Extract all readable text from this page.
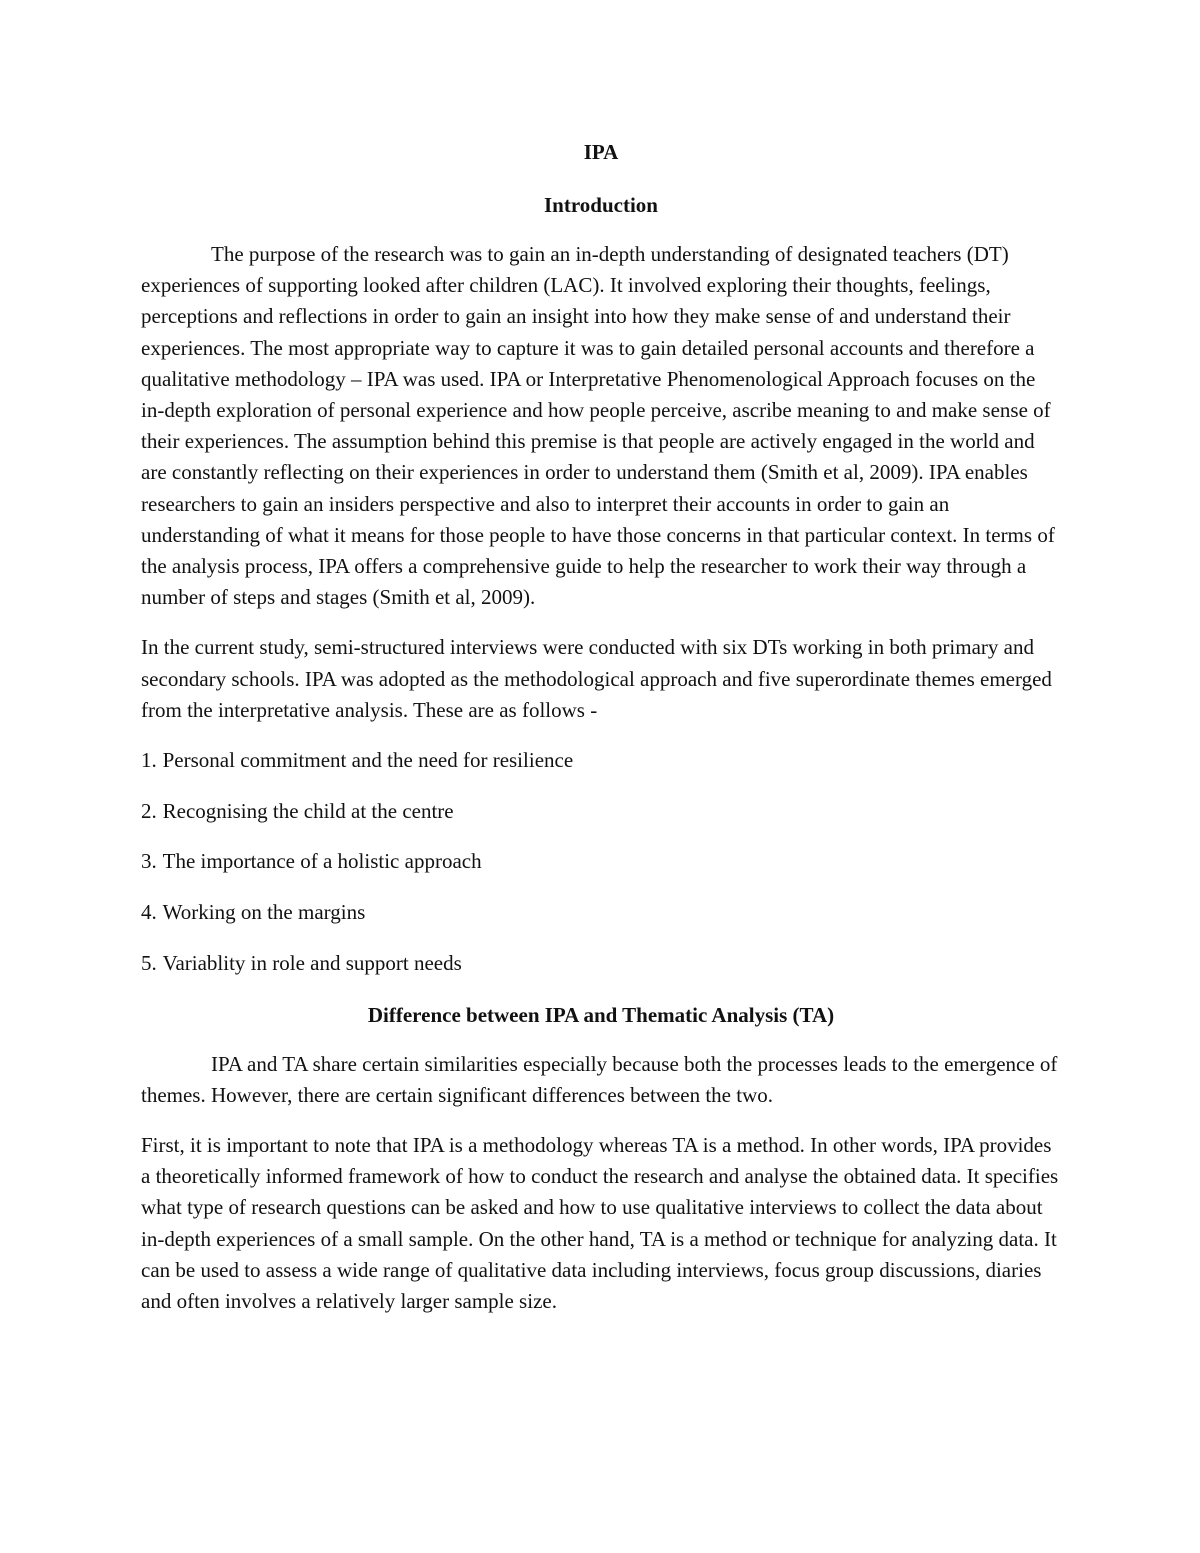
IPA
Introduction

The purpose of the research was to gain an in-depth understanding of designated teachers (DT) experiences of supporting looked after children (LAC). It involved exploring their thoughts, feelings, perceptions and reflections in order to gain an insight into how they make sense of and understand their experiences. The most appropriate way to capture it was to gain detailed personal accounts and therefore a qualitative methodology – IPA was used. IPA or Interpretative Phenomenological Approach focuses on the in-depth exploration of personal experience and how people perceive, ascribe meaning to and make sense of their experiences. The assumption behind this premise is that people are actively engaged in the world and are constantly reflecting on their experiences in order to understand them (Smith et al, 2009). IPA enables researchers to gain an insiders perspective and also to interpret their accounts in order to gain an understanding of what it means for those people to have those concerns in that particular context. In terms of the analysis process, IPA offers a comprehensive guide to help the researcher to work their way through a number of steps and stages (Smith et al, 2009).

In the current study, semi-structured interviews were conducted with six DTs working in both primary and secondary schools. IPA was adopted as the methodological approach and five superordinate themes emerged from the interpretative analysis. These are as follows -

1. Personal commitment and the need for resilience
2. Recognising the child at the centre
3. The importance of a holistic approach
4. Working on the margins
5. Variablity in role and support needs
Difference between IPA and Thematic Analysis (TA)

IPA and TA share certain similarities especially because both the processes leads to the emergence of themes. However, there are certain significant differences between the two.

First, it is important to note that IPA is a methodology whereas TA is a method. In other words, IPA provides a theoretically informed framework of how to conduct the research and analyse the obtained data. It specifies what type of research questions can be asked and how to use qualitative interviews to collect the data about in-depth experiences of a small sample. On the other hand, TA is a method or technique for analyzing data. It can be used to assess a wide range of qualitative data including interviews, focus group discussions, diaries and often involves a relatively larger sample size.
